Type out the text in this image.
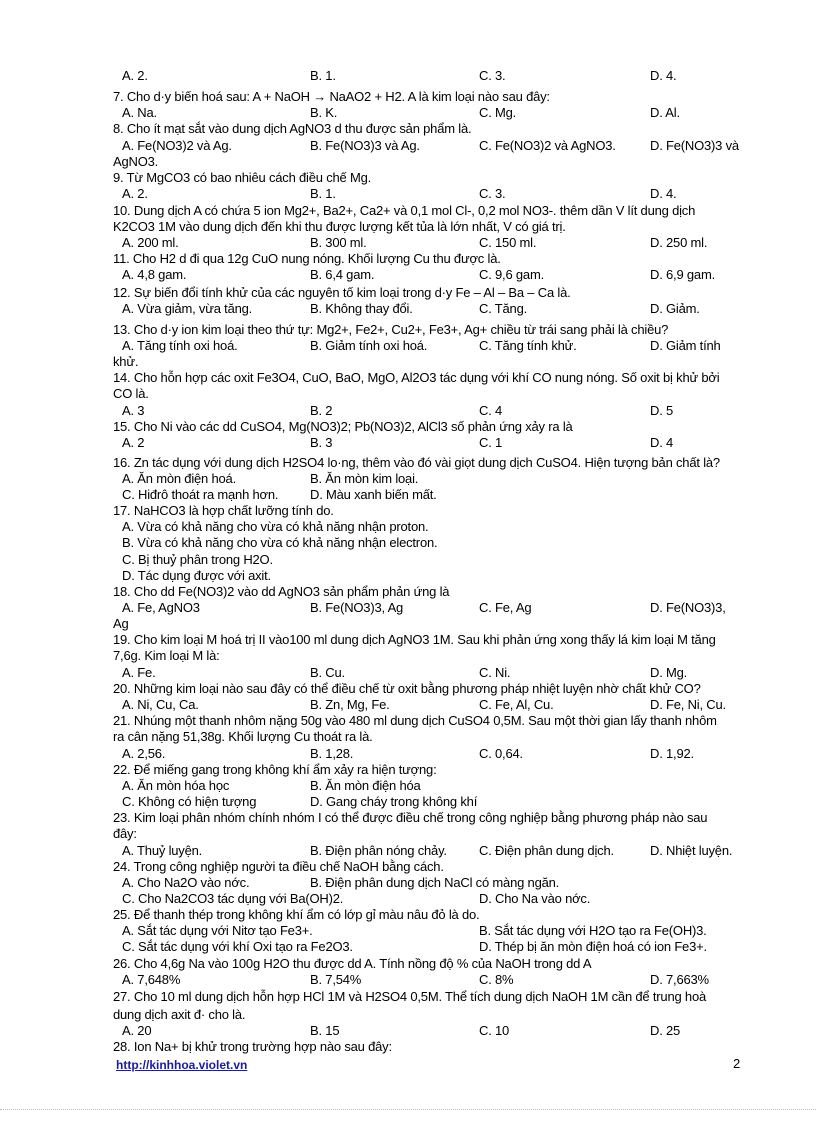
A. 2.	B. 1.	C. 3.	D. 4.
7. Cho d·y biến hoá sau: A + NaOH → NaAO2 + H2. A là kim loại nào sau đây:
A. Na.	B. K.	C. Mg.	D. Al.
8. Cho ít mạt sắt vào dung dịch AgNO3 d thu được sản phẩm là.
A. Fe(NO3)2 và Ag.	B. Fe(NO3)3 và Ag.	C. Fe(NO3)2 và AgNO3.	D. Fe(NO3)3 và
AgNO3.
9. Từ MgCO3 có bao nhiêu cách điều chế Mg.
A. 2.	B. 1.	C. 3.	D. 4.
10. Dung dịch A có chứa 5 ion Mg2+, Ba2+, Ca2+ và 0,1 mol Cl-, 0,2 mol NO3-. thêm dần V lít dung dịch
K2CO3 1M vào dung dịch đến khi thu được lượng kết tủa là lớn nhất, V có giá trị.
A. 200 ml.	B. 300 ml.	C. 150 ml.	D. 250 ml.
11. Cho H2 d đi qua 12g CuO nung nóng. Khối lượng Cu thu được là.
A. 4,8 gam.	B. 6,4 gam.	C. 9,6 gam.	D. 6,9 gam.
12. Sự biến đổi tính khử của các nguyên tố kim loại trong d·y Fe – Al – Ba – Ca là.
A. Vừa giảm, vừa tăng.	B. Không thay đổi.	C. Tăng.	D. Giảm.
13. Cho d·y ion kim loại theo thứ tự: Mg2+, Fe2+, Cu2+, Fe3+, Ag+ chiều từ trái sang phải là chiều?
A. Tăng tính oxi hoá.	B. Giảm tính oxi hoá.	C. Tăng tính khử.	D. Giảm tính
khử.
14. Cho hỗn hợp các oxit Fe3O4, CuO, BaO, MgO, Al2O3 tác dụng với khí CO nung nóng. Số oxit bị khử bởi
CO là.
A. 3	B. 2	C. 4	D. 5
15. Cho Ni vào các dd CuSO4, Mg(NO3)2; Pb(NO3)2, AlCl3 số phản ứng xảy ra là
A. 2	B. 3	C. 1	D. 4
16. Zn tác dụng với dung dịch H2SO4 lo·ng, thêm vào đó vài giọt dung dịch CuSO4. Hiện tượng bản chất là?
A. Ăn mòn điện hoá.	B. Ăn mòn kim loại.
C. Hiđrô thoát ra mạnh hơn. D. Màu xanh biến mất.
17. NaHCO3 là hợp chất lưỡng tính do.
A. Vừa có khả năng cho vừa có khả năng nhận proton.
B. Vừa có khả năng cho vừa có khả năng nhận electron.
C. Bị thuỷ phân trong H2O.
D. Tác dụng được với axit.
18. Cho dd Fe(NO3)2 vào dd AgNO3 sản phẩm phản ứng là
A. Fe, AgNO3	B. Fe(NO3)3, Ag	C. Fe, Ag	D. Fe(NO3)3,
Ag
19. Cho kim loại M hoá trị II vào100 ml dung dịch AgNO3 1M. Sau khi phản ứng xong thấy lá kim loại M tăng
7,6g. Kim loại M là:
A. Fe.	B. Cu.	C. Ni.	D. Mg.
20. Những kim loại nào sau đây có thể điều chế từ oxit bằng phương pháp nhiệt luyện nhờ chất khử CO?
A. Ni, Cu, Ca.	B. Zn, Mg, Fe.	C. Fe, Al, Cu.	D. Fe, Ni, Cu.
21. Nhúng một thanh nhôm nặng 50g vào 480 ml dung dịch CuSO4 0,5M. Sau một thời gian lấy thanh nhôm
ra cân nặng 51,38g. Khối lượng Cu thoát ra là.
A. 2,56.	B. 1,28.	C. 0,64.	D. 1,92.
22. Để miếng gang trong không khí ẩm xảy ra hiện tượng:
A. Ăn mòn hóa học	B. Ăn mòn điện hóa
C. Không có hiện tượng	D. Gang cháy trong không khí
23. Kim loại phân nhóm chính nhóm I có thể được điều chế trong công nghiệp bằng phương pháp nào sau
đây:
A. Thuỷ luyện.	B. Điện phân nóng chảy. C. Điện phân dung dịch.	D. Nhiệt luyện.
24. Trong công nghiệp người ta điều chế NaOH bằng cách.
A. Cho Na2O vào nớc.	B. Điện phân dung dịch NaCl có màng ngăn.
C. Cho Na2CO3 tác dụng với Ba(OH)2.	D. Cho Na vào nớc.
25. Để thanh thép trong không khí ẩm có lớp gỉ màu nâu đỏ là do.
A. Sắt tác dụng với Nitơ tạo Fe3+.	B. Sắt tác dụng với H2O tạo ra Fe(OH)3.
C. Sắt tác dụng với khí Oxi tạo ra Fe2O3.	D. Thép bị ăn mòn điện hoá có ion Fe3+.
26. Cho 4,6g Na vào 100g H2O thu được dd A. Tính nồng độ % của NaOH trong dd A
A. 7,648%	B. 7,54%	C. 8%	D. 7,663%
27. Cho 10 ml dung dịch hỗn hợp HCl 1M và H2SO4 0,5M. Thể tích dung dịch NaOH 1M cần để trung hoà
dung dịch axit đ· cho là.
A. 20	B. 15	C. 10	D. 25
28. Ion Na+ bị khử trong trường hợp nào sau đây:
http://kinhhoa.violet.vn	2
